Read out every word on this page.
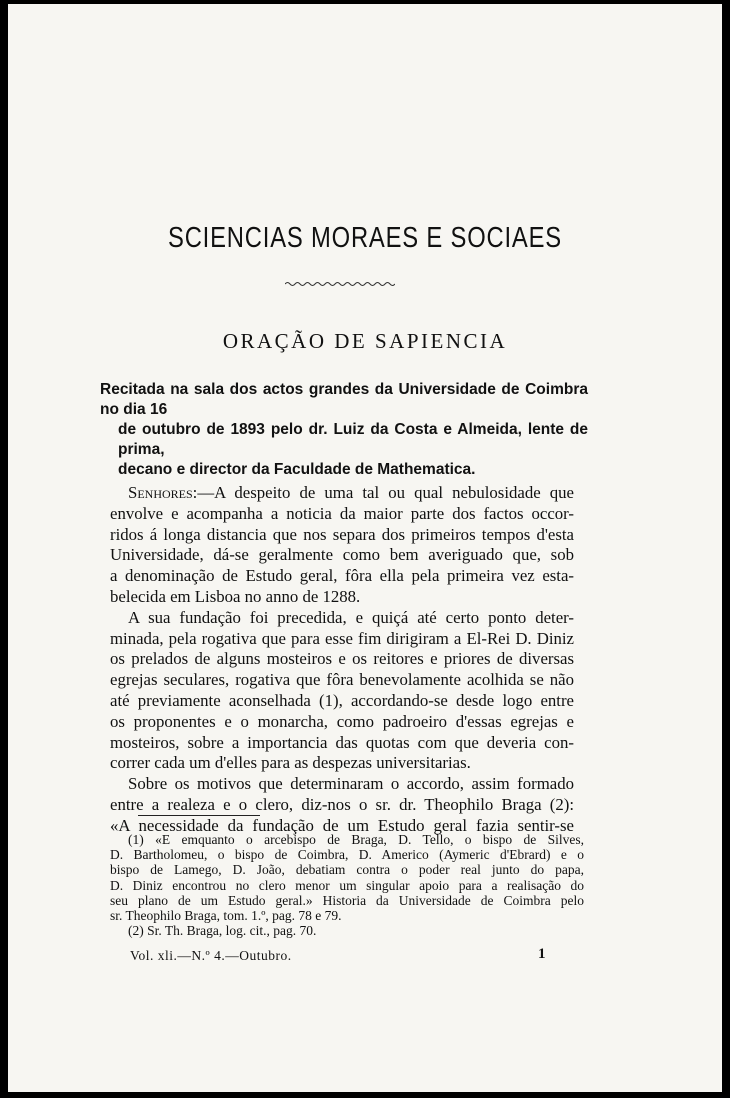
SCIENCIAS MORAES E SOCIAES
ORAÇÃO DE SAPIENCIA
Recitada na sala dos actos grandes da Universidade de Coimbra no dia 16
de outubro de 1893 pelo dr. Luiz da Costa e Almeida, lente de prima,
decano e director da Faculdade de Mathematica.
Senhores:—A despeito de uma tal ou qual nebulosidade que
envolve e acompanha a noticia da maior parte dos factos occor-
ridos á longa distancia que nos separa dos primeiros tempos d'esta
Universidade, dá-se geralmente como bem averiguado que, sob
a denominação de Estudo geral, fôra ella pela primeira vez esta-
belecida em Lisboa no anno de 1288.
A sua fundação foi precedida, e quiçá até certo ponto deter-
minada, pela rogativa que para esse fim dirigiram a El-Rei D. Diniz
os prelados de alguns mosteiros e os reitores e priores de diversas
egrejas seculares, rogativa que fôra benevolamente acolhida se não
até previamente aconselhada (1), accordando-se desde logo entre
os proponentes e o monarcha, como padroeiro d'essas egrejas e
mosteiros, sobre a importancia das quotas com que deveria con-
correr cada um d'elles para as despezas universitarias.
Sobre os motivos que determinaram o accordo, assim formado
entre a realeza e o clero, diz-nos o sr. dr. Theophilo Braga (2):
«A necessidade da fundação de um Estudo geral fazia sentir-se
(1) «E emquanto o arcebispo de Braga, D. Tello, o bispo de Silves,
D. Bartholomeu, o bispo de Coimbra, D. Americo (Aymeric d'Ebrard) e o
bispo de Lamego, D. João, debatiam contra o poder real junto do papa,
D. Diniz encontrou no clero menor um singular apoio para a realisação do
seu plano de um Estudo geral.» Historia da Universidade de Coimbra pelo
sr. Theophilo Braga, tom. 1.º, pag. 78 e 79.
(2) Sr. Th. Braga, log. cit., pag. 70.
Vol. xli.—N.º 4.—Outubro.	1
